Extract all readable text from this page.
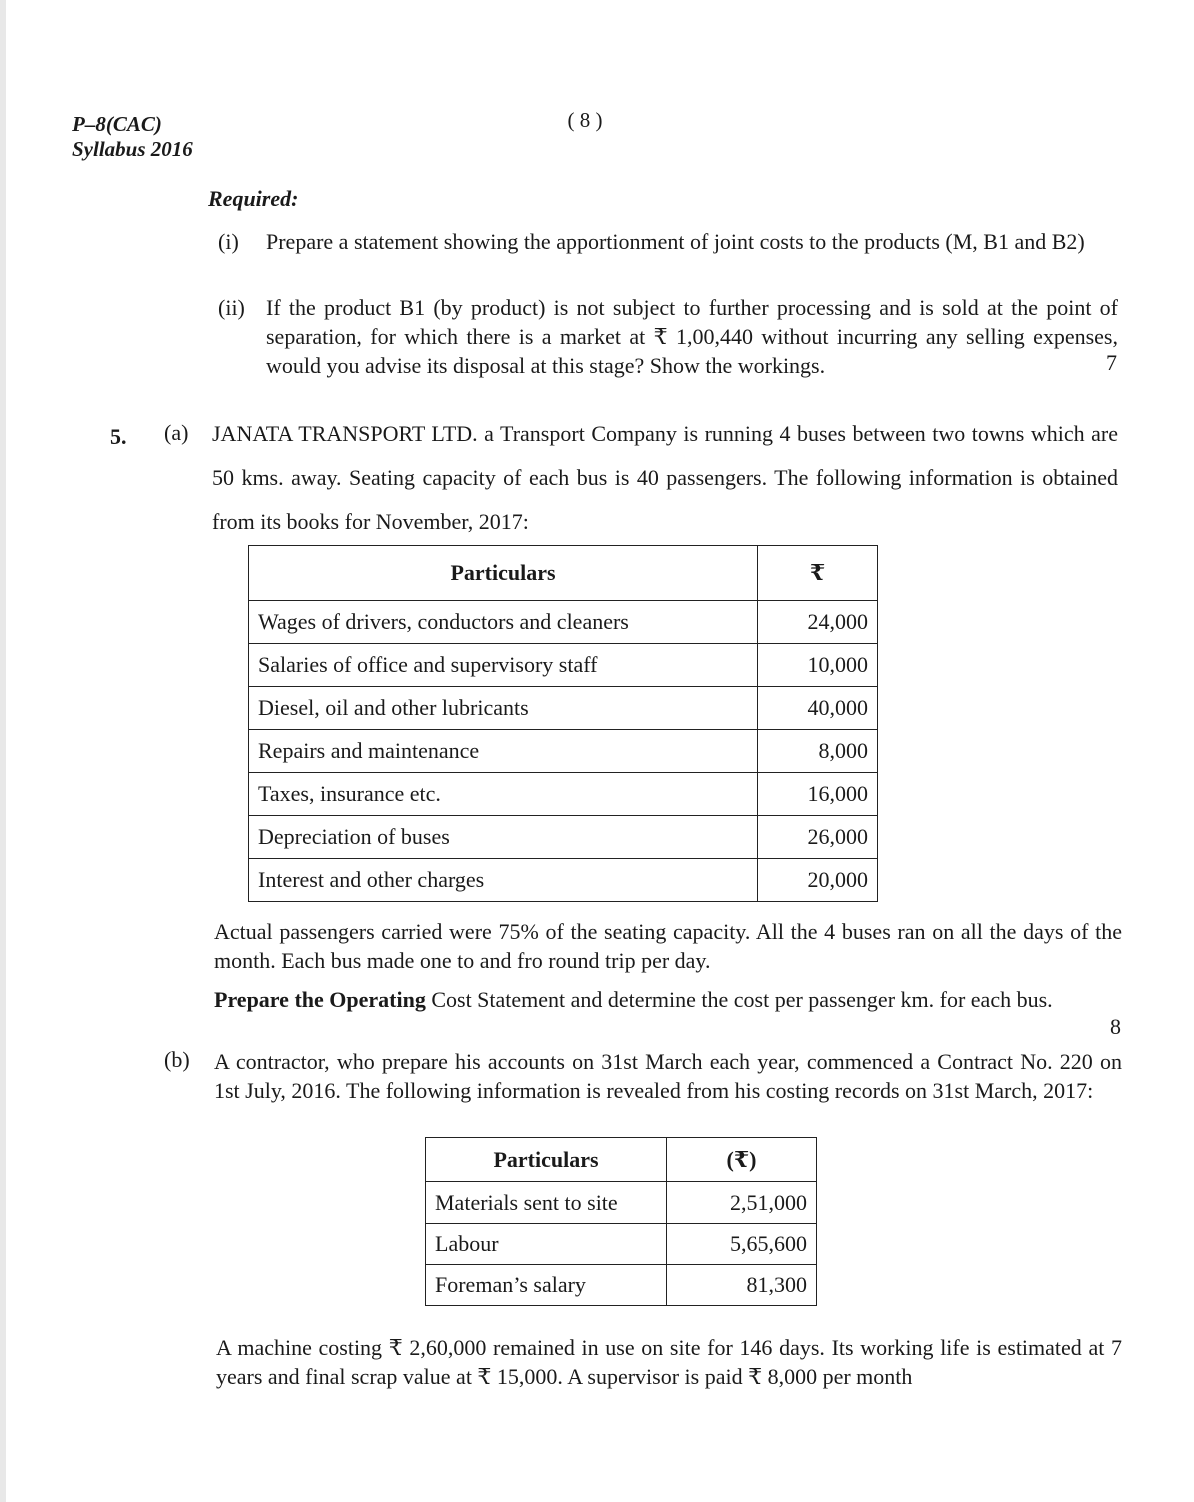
P–8(CAC)
Syllabus 2016
( 8 )
Required:
(i) Prepare a statement showing the apportionment of joint costs to the products (M, B1 and B2)
(ii) If the product B1 (by product) is not subject to further processing and is sold at the point of separation, for which there is a market at ₹ 1,00,440 without incurring any selling expenses, would you advise its disposal at this stage? Show the workings.	7
5. (a) JANATA TRANSPORT LTD. a Transport Company is running 4 buses between two towns which are 50 kms. away. Seating capacity of each bus is 40 passengers. The following information is obtained from its books for November, 2017:
Particulars	₹
Wages of drivers, conductors and cleaners	24,000
Salaries of office and supervisory staff	10,000
Diesel, oil and other lubricants	40,000
Repairs and maintenance	8,000
Taxes, insurance etc.	16,000
Depreciation of buses	26,000
Interest and other charges	20,000
Actual passengers carried were 75% of the seating capacity. All the 4 buses ran on all the days of the month. Each bus made one to and fro round trip per day.
Prepare the Operating Cost Statement and determine the cost per passenger km. for each bus.
8
(b) A contractor, who prepare his accounts on 31st March each year, commenced a Contract No. 220 on 1st July, 2016. The following information is revealed from his costing records on 31st March, 2017:
Particulars	(₹)
Materials sent to site	2,51,000
Labour	5,65,600
Foreman’s salary	81,300
A machine costing ₹ 2,60,000 remained in use on site for 146 days. Its working life is estimated at 7 years and final scrap value at ₹ 15,000. A supervisor is paid ₹ 8,000 per month
